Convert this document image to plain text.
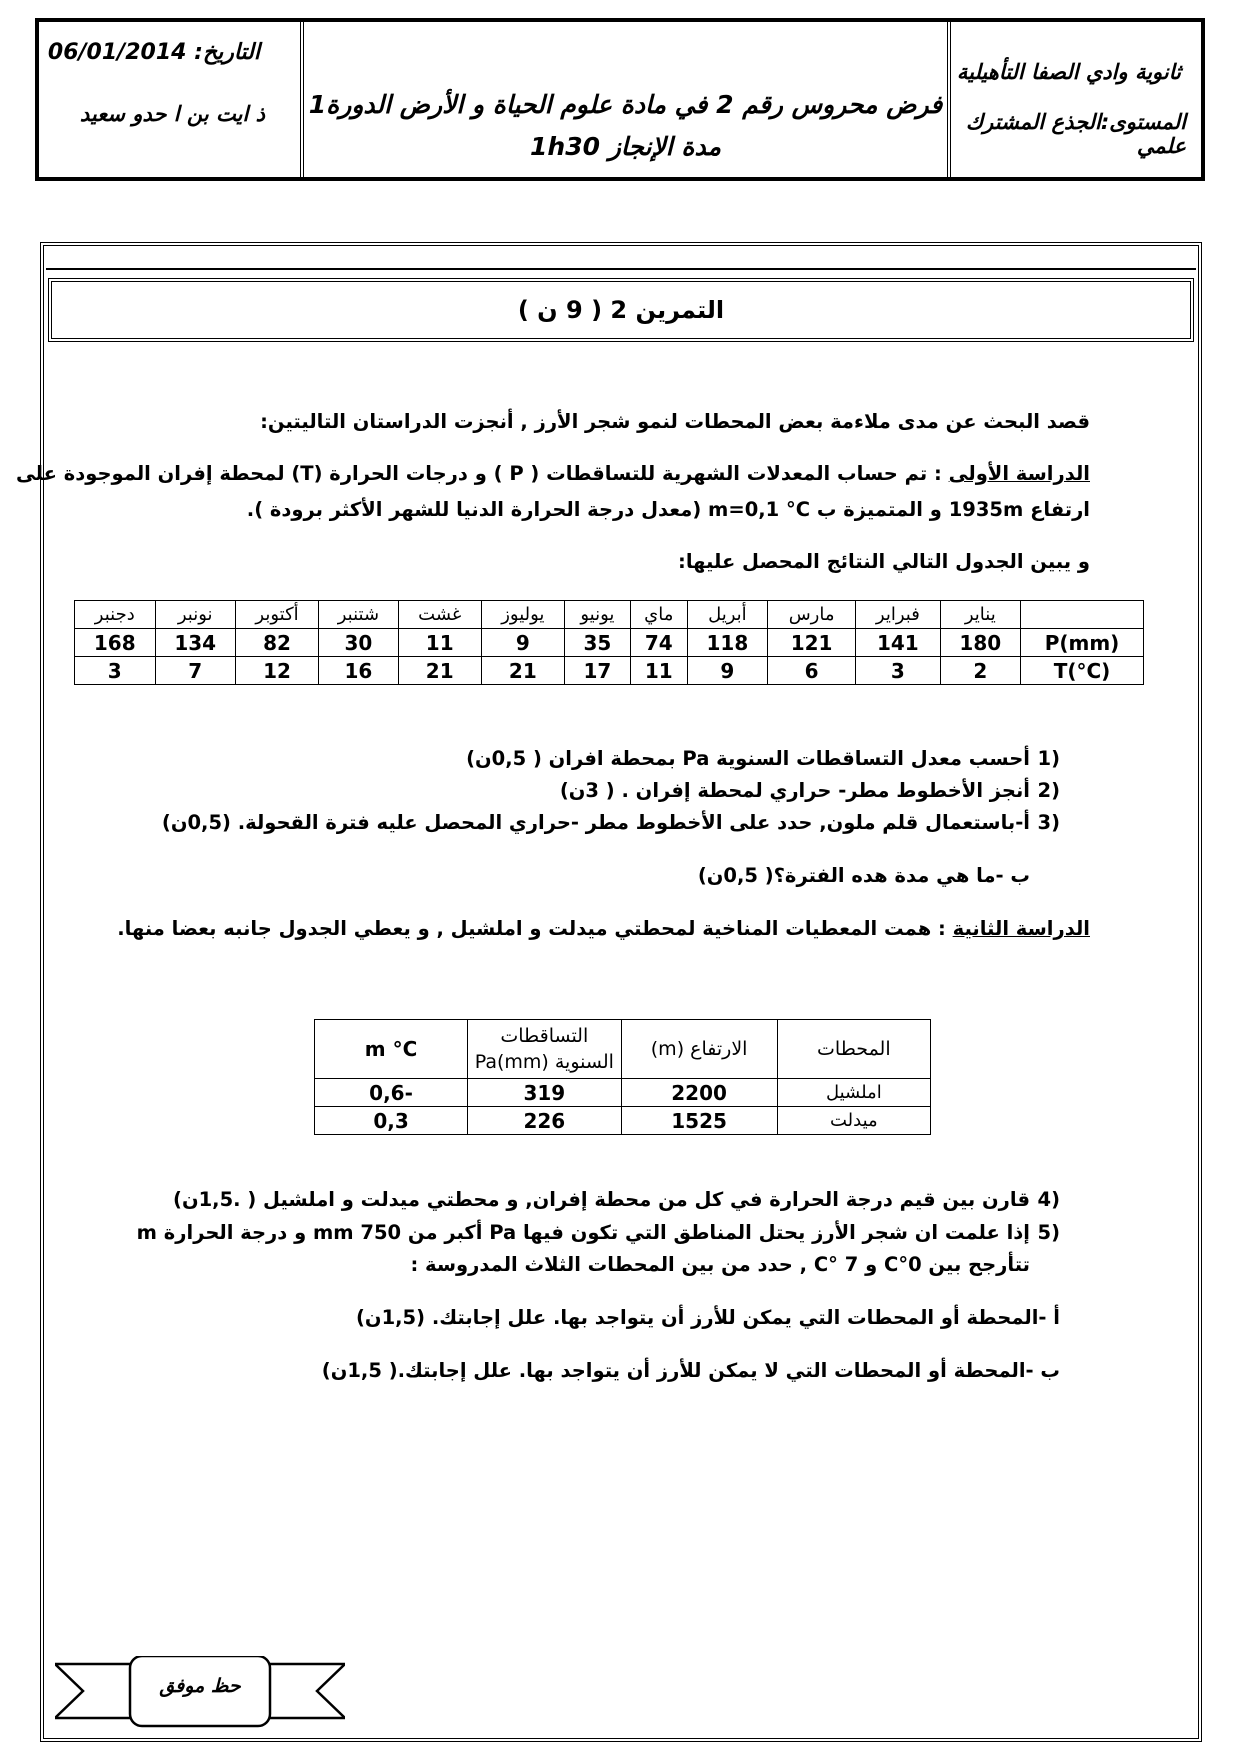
التاريخ: 06/01/2014
ذ ايت بن ا حدو سعيد فرض محروس رقم 2 في مادة علوم الحياة و الأرض الدورة1
مدة الإنجاز 1h30
ثانوية وادي الصفا التأهيلية
المستوى:الجذع المشترك علمي
التمرين 2 ( 9 ن )
قصد البحث عن مدى ملاءمة بعض المحطات لنمو شجر الأرز , أنجزت الدراستان التاليتين:
الدراسة الأولى : تم حساب المعدلات الشهرية للتساقطات ( P ) و درجات الحرارة (T) لمحطة إفران الموجودة على
ارتفاع 1935m و المتميزة ب m=0,1 °C (معدل درجة الحرارة الدنيا للشهر الأكثر برودة ).
و يبين الجدول التالي النتائج المحصل عليها:
	يناير	فبراير	مارس	أبريل	ماي	يونيو	يوليوز	غشت	شتنبر	أكتوبر	نونبر	دجنبر
P(mm)	180	141	121	118	74	35	9	11	30	82	134	168
T(°C)	2	3	6	9	11	17	21	21	16	12	7	3
1)
أحسب معدل التساقطات السنوية Pa بمحطة افران ( 0,5ن)
2)
أنجز الأخطوط مطر- حراري لمحطة إفران . ( 3ن)
3)
أ-باستعمال قلم ملون, حدد على الأخطوط مطر -حراري المحصل عليه فترة القحولة. (0,5ن)
ب -ما هي مدة هده الفترة؟( 0,5ن)
الدراسة الثانية : همت المعطيات المناخية لمحطتي ميدلت و املشيل , و يعطي الجدول جانبه بعضا منها.
المحطات	الارتفاع (m)	التساقطات السنوية Pa(mm)	m °C
املشيل	2200	319	-0,6
ميدلت	1525	226	0,3
4)
قارن بين قيم درجة الحرارة في كل من محطة إفران, و محطتي ميدلت و املشيل ( .1,5ن)
5)
إذا علمت ان شجر الأرز يحتل المناطق التي تكون فيها Pa أكبر من 750 mm و درجة الحرارة m
تتأرجح بين 0°C و 7 °C , حدد من بين المحطات الثلاث المدروسة :
أ -المحطة أو المحطات التي يمكن للأرز أن يتواجد بها. علل إجابتك. (1,5ن)
ب -المحطة أو المحطات التي لا يمكن للأرز أن يتواجد بها. علل إجابتك.( 1,5ن)
حظ موفق
